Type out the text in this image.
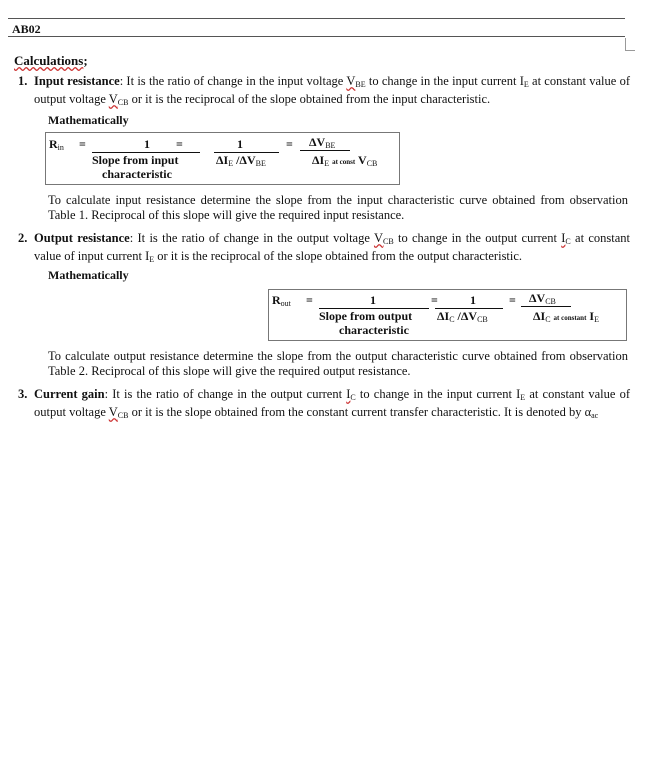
AB02
Calculations;
1. Input resistance: It is the ratio of change in the input voltage $V_{BE}$ to change in the input current $I_E$ at constant value of output voltage $V_{CB}$ or it is the reciprocal of the slope obtained from the input characteristic.
Mathematically
$R_{in}$ =	1 =
Slope from input
characteristic
1
$\Delta I_E$ $/\Delta V_{BE}$
= $\Delta V_{BE}$
$\Delta I_E$ at const $V_{CB}$
To calculate input resistance determine the slope from the input characteristic curve obtained from observation Table 1. Reciprocal of this slope will give the required input resistance.
2. Output resistance: It is the ratio of change in the output voltage $V_{CB}$ to change in the output current $I_C$ at constant value of input current $I_E$ or it is the reciprocal of the slope obtained from the output characteristic.
Mathematically
$R_{out}$ =	1	=
Slope from output
characteristic
1
$\Delta I_C$ $/\Delta V_{CB}$
= $\Delta V_{CB}$
$\Delta I_C$ at constant $I_E$
To calculate output resistance determine the slope from the output characteristic curve obtained from observation Table 2. Reciprocal of this slope will give the required output resistance.
3. Current gain: It is the ratio of change in the output current $I_C$ to change in the input current $I_E$ at constant value of output voltage $V_{CB}$ or it is the slope obtained from the constant current transfer characteristic. It is denoted by $\alpha_{ac}$
